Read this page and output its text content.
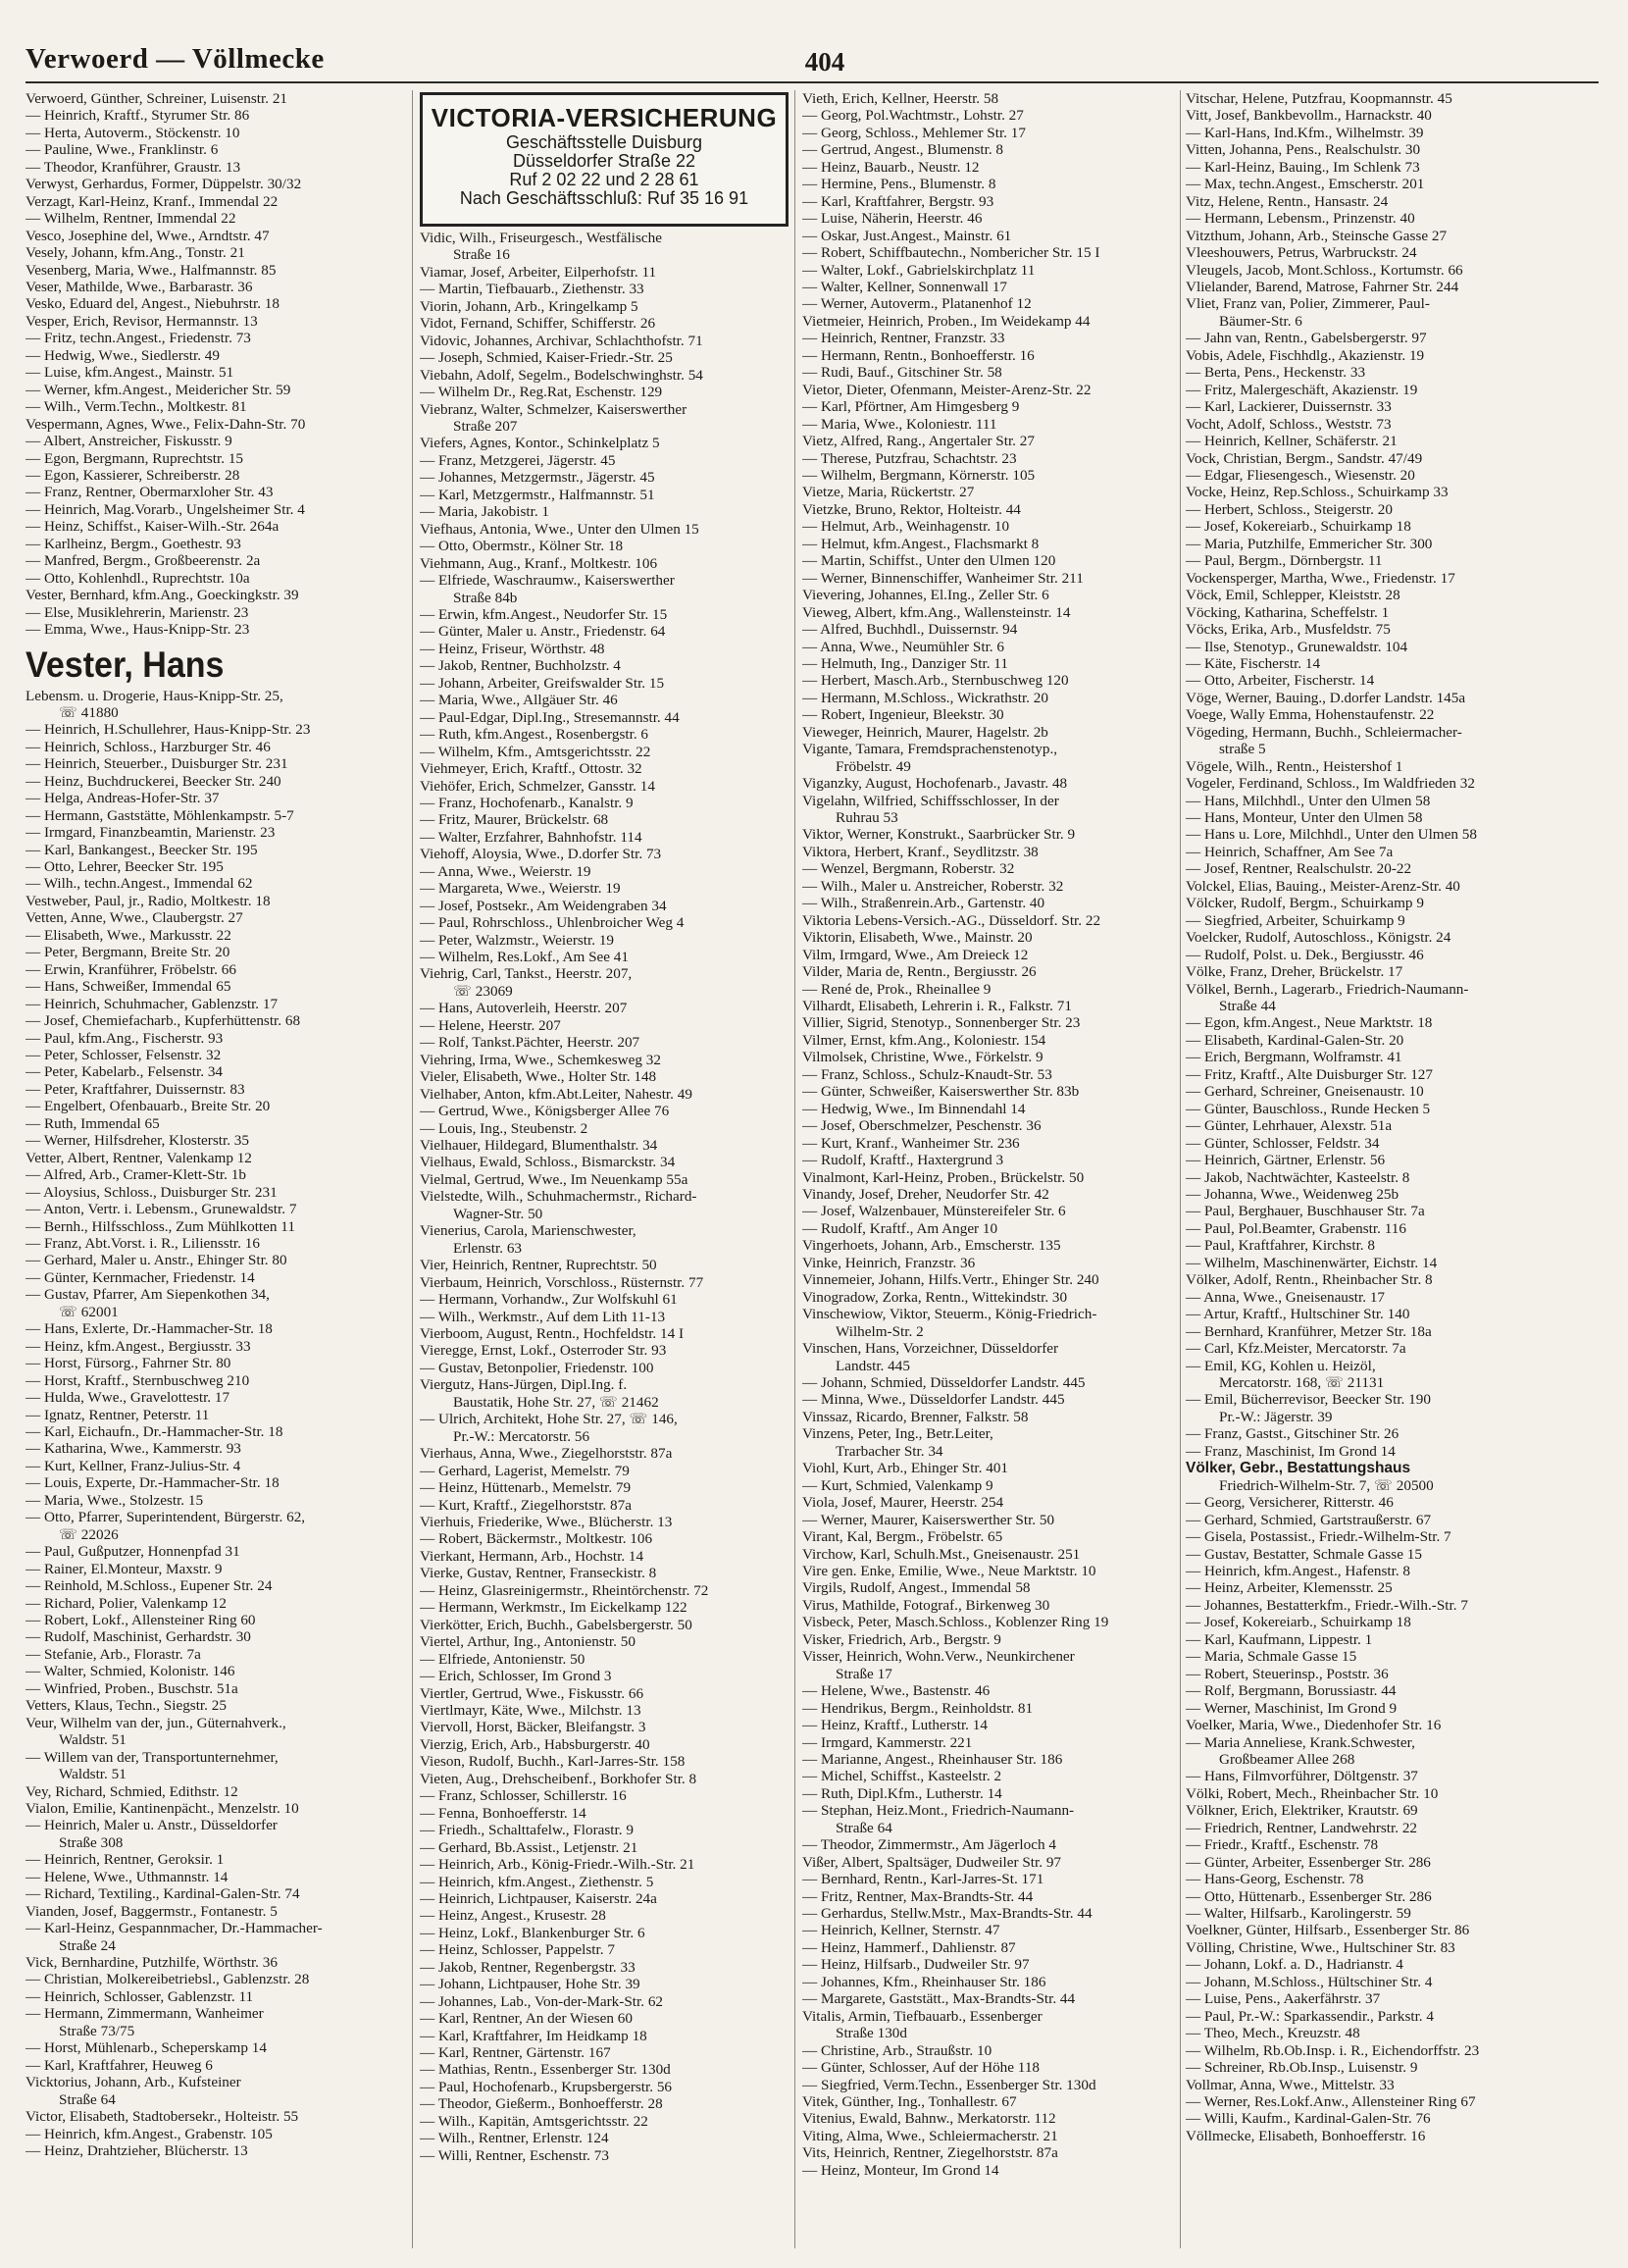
Verwoerd — Völlmecke	404
Verwoerd, Günther, Schreiner, Luisenstr. 21
— Heinrich, Kraftf., Styrumer Str. 86
— Herta, Autoverm., Stöckenstr. 10
— Pauline, Wwe., Franklinstr. 6
— Theodor, Kranführer, Graustr. 13
Verwyst, Gerhardus, Former, Düppelstr. 30/32
Verzagt, Karl-Heinz, Kranf., Immendal 22
— Wilhelm, Rentner, Immendal 22
Vesco, Josephine del, Wwe., Arndtstr. 47
Vesely, Johann, kfm.Ang., Tonstr. 21
Vesenberg, Maria, Wwe., Halfmannstr. 85
Veser, Mathilde, Wwe., Barbarastr. 36
Vesko, Eduard del, Angest., Niebuhrstr. 18
Vesper, Erich, Revisor, Hermannstr. 13
— Fritz, techn.Angest., Friedenstr. 73
— Hedwig, Wwe., Siedlerstr. 49
— Luise, kfm.Angest., Mainstr. 51
— Werner, kfm.Angest., Meidericher Str. 59
— Wilh., Verm.Techn., Moltkestr. 81
Vespermann, Agnes, Wwe., Felix-Dahn-Str. 70
— Albert, Anstreicher, Fiskusstr. 9
— Egon, Bergmann, Ruprechtstr. 15
— Egon, Kassierer, Schreiberstr. 28
— Franz, Rentner, Obermarxloher Str. 43
— Heinrich, Mag.Vorarb., Ungelsheimer Str. 4
— Heinz, Schiffst., Kaiser-Wilh.-Str. 264a
— Karlheinz, Bergm., Goethestr. 93
— Manfred, Bergm., Großbeerenstr. 2a
— Otto, Kohlenhdl., Ruprechtstr. 10a
Vester, Bernhard, kfm.Ang., Goeckingkstr. 39
— Else, Musiklehrerin, Marienstr. 23
— Emma, Wwe., Haus-Knipp-Str. 23
Vester, Hans
Lebensm. u. Drogerie, Haus-Knipp-Str. 25,
☏ 41880
— Heinrich, H.Schullehrer, Haus-Knipp-Str. 23
— Heinrich, Schloss., Harzburger Str. 46
— Heinrich, Steuerber., Duisburger Str. 231
— Heinz, Buchdruckerei, Beecker Str. 240
— Helga, Andreas-Hofer-Str. 37
— Hermann, Gaststätte, Möhlenkampstr. 5-7
— Irmgard, Finanzbeamtin, Marienstr. 23
— Karl, Bankangest., Beecker Str. 195
— Otto, Lehrer, Beecker Str. 195
— Wilh., techn.Angest., Immendal 62
Vestweber, Paul, jr., Radio, Moltkestr. 18
Vetten, Anne, Wwe., Claubergstr. 27
— Elisabeth, Wwe., Markusstr. 22
— Peter, Bergmann, Breite Str. 20
— Erwin, Kranführer, Fröbelstr. 66
— Hans, Schweißer, Immendal 65
— Heinrich, Schuhmacher, Gablenzstr. 17
— Josef, Chemiefacharb., Kupferhüttenstr. 68
— Paul, kfm.Ang., Fischerstr. 93
— Peter, Schlosser, Felsenstr. 32
— Peter, Kabelarb., Felsenstr. 34
— Peter, Kraftfahrer, Duissernstr. 83
— Engelbert, Ofenbauarb., Breite Str. 20
— Ruth, Immendal 65
— Werner, Hilfsdreher, Klosterstr. 35
Vetter, Albert, Rentner, Valenkamp 12
— Alfred, Arb., Cramer-Klett-Str. 1b
— Aloysius, Schloss., Duisburger Str. 231
— Anton, Vertr. i. Lebensm., Grunewaldstr. 7
— Bernh., Hilfsschloss., Zum Mühlkotten 11
— Franz, Abt.Vorst. i. R., Liliensstr. 16
— Gerhard, Maler u. Anstr., Ehinger Str. 80
— Günter, Kernmacher, Friedenstr. 14
— Gustav, Pfarrer, Am Siepenkothen 34,
☏ 62001
— Hans, Exlerte, Dr.-Hammacher-Str. 18
— Heinz, kfm.Angest., Bergiusstr. 33
— Horst, Fürsorg., Fahrner Str. 80
— Horst, Kraftf., Sternbuschweg 210
— Hulda, Wwe., Gravelottestr. 17
— Ignatz, Rentner, Peterstr. 11
— Karl, Eichaufn., Dr.-Hammacher-Str. 18
— Katharina, Wwe., Kammerstr. 93
— Kurt, Kellner, Franz-Julius-Str. 4
— Louis, Experte, Dr.-Hammacher-Str. 18
— Maria, Wwe., Stolzestr. 15
— Otto, Pfarrer, Superintendent, Bürgerstr. 62,
☏ 22026
— Paul, Gußputzer, Honnenpfad 31
— Rainer, El.Monteur, Maxstr. 9
— Reinhold, M.Schloss., Eupener Str. 24
— Richard, Polier, Valenkamp 12
— Robert, Lokf., Allensteiner Ring 60
— Rudolf, Maschinist, Gerhardstr. 30
— Stefanie, Arb., Florastr. 7a
— Walter, Schmied, Kolonistr. 146
— Winfried, Proben., Buschstr. 51a
Vetters, Klaus, Techn., Siegstr. 25
Veur, Wilhelm van der, jun., Güternahverk.,
Waldstr. 51
— Willem van der, Transportunternehmer,
Waldstr. 51
Vey, Richard, Schmied, Edithstr. 12
Vialon, Emilie, Kantinenpächt., Menzelstr. 10
— Heinrich, Maler u. Anstr., Düsseldorfer
Straße 308
— Heinrich, Rentner, Geroksir. 1
— Helene, Wwe., Uthmannstr. 14
— Richard, Textiling., Kardinal-Galen-Str. 74
Vianden, Josef, Baggermstr., Fontanestr. 5
— Karl-Heinz, Gespannmacher, Dr.-Hammacher-
Straße 24
Vick, Bernhardine, Putzhilfe, Wörthstr. 36
— Christian, Molkereibetriebsl., Gablenzstr. 28
— Heinrich, Schlosser, Gablenzstr. 11
— Hermann, Zimmermann, Wanheimer
Straße 73/75
— Horst, Mühlenarb., Scheperskamp 14
— Karl, Kraftfahrer, Heuweg 6
Vicktorius, Johann, Arb., Kufsteiner
Straße 64
Victor, Elisabeth, Stadtobersekr., Holteistr. 55
— Heinrich, kfm.Angest., Grabenstr. 105
— Heinz, Drahtzieher, Blücherstr. 13
VICTORIA-VERSICHERUNG
Geschäftsstelle Duisburg
Düsseldorfer Straße 22
Ruf 2 02 22 und 2 28 61
Nach Geschäftsschluß: Ruf 35 16 91
Vidic, Wilh., Friseurgesch., Westfälische
Straße 16
Viamar, Josef, Arbeiter, Eilperhofstr. 11
— Martin, Tiefbauarb., Ziethenstr. 33
Viorin, Johann, Arb., Kringelkamp 5
Vidot, Fernand, Schiffer, Schifferstr. 26
Vidovic, Johannes, Archivar, Schlachthofstr. 71
— Joseph, Schmied, Kaiser-Friedr.-Str. 25
Viebahn, Adolf, Segelm., Bodelschwinghstr. 54
— Wilhelm Dr., Reg.Rat, Eschenstr. 129
Viebranz, Walter, Schmelzer, Kaiserswerther
Straße 207
Viefers, Agnes, Kontor., Schinkelplatz 5
— Franz, Metzgerei, Jägerstr. 45
— Johannes, Metzgermstr., Jägerstr. 45
— Karl, Metzgermstr., Halfmannstr. 51
— Maria, Jakobistr. 1
Viefhaus, Antonia, Wwe., Unter den Ulmen 15
— Otto, Obermstr., Kölner Str. 18
Viehmann, Aug., Kranf., Moltkestr. 106
— Elfriede, Waschraumw., Kaiserswerther
Straße 84b
— Erwin, kfm.Angest., Neudorfer Str. 15
— Günter, Maler u. Anstr., Friedenstr. 64
— Heinz, Friseur, Wörthstr. 48
— Jakob, Rentner, Buchholzstr. 4
— Johann, Arbeiter, Greifswalder Str. 15
— Maria, Wwe., Allgäuer Str. 46
— Paul-Edgar, Dipl.Ing., Stresemannstr. 44
— Ruth, kfm.Angest., Rosenbergstr. 6
— Wilhelm, Kfm., Amtsgerichtsstr. 22
Viehmeyer, Erich, Kraftf., Ottostr. 32
Viehöfer, Erich, Schmelzer, Gansstr. 14
— Franz, Hochofenarb., Kanalstr. 9
— Fritz, Maurer, Brückelstr. 68
— Walter, Erzfahrer, Bahnhofstr. 114
Viehoff, Aloysia, Wwe., D.dorfer Str. 73
— Anna, Wwe., Weierstr. 19
— Margareta, Wwe., Weierstr. 19
— Josef, Postsekr., Am Weidengraben 34
— Paul, Rohrschloss., Uhlenbroicher Weg 4
— Peter, Walzmstr., Weierstr. 19
— Wilhelm, Res.Lokf., Am See 41
Viehrig, Carl, Tankst., Heerstr. 207,
☏ 23069
— Hans, Autoverleih, Heerstr. 207
— Helene, Heerstr. 207
— Rolf, Tankst.Pächter, Heerstr. 207
Viehring, Irma, Wwe., Schemkesweg 32
Vieler, Elisabeth, Wwe., Holter Str. 148
Vielhaber, Anton, kfm.Abt.Leiter, Nahestr. 49
— Gertrud, Wwe., Königsberger Allee 76
— Louis, Ing., Steubenstr. 2
Vielhauer, Hildegard, Blumenthalstr. 34
Vielhaus, Ewald, Schloss., Bismarckstr. 34
Vielmal, Gertrud, Wwe., Im Neuenkamp 55a
Vielstedte, Wilh., Schuhmachermstr., Richard-
Wagner-Str. 50
Vienerius, Carola, Marienschwester,
Erlenstr. 63
Vier, Heinrich, Rentner, Ruprechtstr. 50
Vierbaum, Heinrich, Vorschloss., Rüsternstr. 77
— Hermann, Vorhandw., Zur Wolfskuhl 61
— Wilh., Werkmstr., Auf dem Lith 11-13
Vierboom, August, Rentn., Hochfeldstr. 14 I
Vieregge, Ernst, Lokf., Osterroder Str. 93
— Gustav, Betonpolier, Friedenstr. 100
Viergutz, Hans-Jürgen, Dipl.Ing. f.
Baustatik, Hohe Str. 27, ☏ 21462
— Ulrich, Architekt, Hohe Str. 27, ☏ 146,
Pr.-W.: Mercatorstr. 56
Vierhaus, Anna, Wwe., Ziegelhorststr. 87a
— Gerhard, Lagerist, Memelstr. 79
— Heinz, Hüttenarb., Memelstr. 79
— Kurt, Kraftf., Ziegelhorststr. 87a
Vierhuis, Friederike, Wwe., Blücherstr. 13
— Robert, Bäckermstr., Moltkestr. 106
Vierkant, Hermann, Arb., Hochstr. 14
Vierke, Gustav, Rentner, Franseckistr. 8
— Heinz, Glasreinigermstr., Rheintörchenstr. 72
— Hermann, Werkmstr., Im Eickelkamp 122
Vierkötter, Erich, Buchh., Gabelsbergerstr. 50
Viertel, Arthur, Ing., Antonienstr. 50
— Elfriede, Antonienstr. 50
— Erich, Schlosser, Im Grond 3
Viertler, Gertrud, Wwe., Fiskusstr. 66
Viertlmayr, Käte, Wwe., Milchstr. 13
Viervoll, Horst, Bäcker, Bleifangstr. 3
Vierzig, Erich, Arb., Habsburgerstr. 40
Vieson, Rudolf, Buchh., Karl-Jarres-Str. 158
Vieten, Aug., Drehscheibenf., Borkhofer Str. 8
— Franz, Schlosser, Schillerstr. 16
— Fenna, Bonhoefferstr. 14
— Friedh., Schalttafelw., Florastr. 9
— Gerhard, Bb.Assist., Letjenstr. 21
— Heinrich, Arb., König-Friedr.-Wilh.-Str. 21
— Heinrich, kfm.Angest., Ziethenstr. 5
— Heinrich, Lichtpauser, Kaiserstr. 24a
— Heinz, Angest., Krusestr. 28
— Heinz, Lokf., Blankenburger Str. 6
— Heinz, Schlosser, Pappelstr. 7
— Jakob, Rentner, Regenbergstr. 33
— Johann, Lichtpauser, Hohe Str. 39
— Johannes, Lab., Von-der-Mark-Str. 62
— Karl, Rentner, An der Wiesen 60
— Karl, Kraftfahrer, Im Heidkamp 18
— Karl, Rentner, Gärtenstr. 167
— Mathias, Rentn., Essenberger Str. 130d
— Paul, Hochofenarb., Krupsbergerstr. 56
— Theodor, Gießerm., Bonhoefferstr. 28
— Wilh., Kapitän, Amtsgerichtsstr. 22
— Wilh., Rentner, Erlenstr. 124
— Willi, Rentner, Eschenstr. 73
Vieth, Erich, Kellner, Heerstr. 58
— Georg, Pol.Wachtmstr., Lohstr. 27
— Georg, Schloss., Mehlemer Str. 17
— Gertrud, Angest., Blumenstr. 8
— Heinz, Bauarb., Neustr. 12
— Hermine, Pens., Blumenstr. 8
— Karl, Kraftfahrer, Bergstr. 93
— Luise, Näherin, Heerstr. 46
— Oskar, Just.Angest., Mainstr. 61
— Robert, Schiffbautechn., Nombericher Str. 15 I
— Walter, Lokf., Gabrielskirchplatz 11
— Walter, Kellner, Sonnenwall 17
— Werner, Autoverm., Platanenhof 12
Vietmeier, Heinrich, Proben., Im Weidekamp 44
— Heinrich, Rentner, Franzstr. 33
— Hermann, Rentn., Bonhoefferstr. 16
— Rudi, Bauf., Gitschiner Str. 58
Vietor, Dieter, Ofenmann, Meister-Arenz-Str. 22
— Karl, Pförtner, Am Himgesberg 9
— Maria, Wwe., Koloniestr. 111
Vietz, Alfred, Rang., Angertaler Str. 27
— Therese, Putzfrau, Schachtstr. 23
— Wilhelm, Bergmann, Körnerstr. 105
Vietze, Maria, Rückertstr. 27
Vietzke, Bruno, Rektor, Holteistr. 44
— Helmut, Arb., Weinhagenstr. 10
— Helmut, kfm.Angest., Flachsmarkt 8
— Martin, Schiffst., Unter den Ulmen 120
— Werner, Binnenschiffer, Wanheimer Str. 211
Vievering, Johannes, El.Ing., Zeller Str. 6
Vieweg, Albert, kfm.Ang., Wallensteinstr. 14
— Alfred, Buchhdl., Duissernstr. 94
— Anna, Wwe., Neumühler Str. 6
— Helmuth, Ing., Danziger Str. 11
— Herbert, Masch.Arb., Sternbuschweg 120
— Hermann, M.Schloss., Wickrathstr. 20
— Robert, Ingenieur, Bleekstr. 30
Vieweger, Heinrich, Maurer, Hagelstr. 2b
Vigante, Tamara, Fremdsprachenstenotyp.,
Fröbelstr. 49
Viganzky, August, Hochofenarb., Javastr. 48
Vigelahn, Wilfried, Schiffsschlosser, In der
Ruhrau 53
Viktor, Werner, Konstrukt., Saarbrücker Str. 9
Viktora, Herbert, Kranf., Seydlitzstr. 38
— Wenzel, Bergmann, Roberstr. 32
— Wilh., Maler u. Anstreicher, Roberstr. 32
— Wilh., Straßenrein.Arb., Gartenstr. 40
Viktoria Lebens-Versich.-AG., Düsseldorf. Str. 22
Viktorin, Elisabeth, Wwe., Mainstr. 20
Vilm, Irmgard, Wwe., Am Dreieck 12
Vilder, Maria de, Rentn., Bergiusstr. 26
— René de, Prok., Rheinallee 9
Vilhardt, Elisabeth, Lehrerin i. R., Falkstr. 71
Villier, Sigrid, Stenotyp., Sonnenberger Str. 23
Vilmer, Ernst, kfm.Ang., Koloniestr. 154
Vilmolsek, Christine, Wwe., Förkelstr. 9
— Franz, Schloss., Schulz-Knaudt-Str. 53
— Günter, Schweißer, Kaiserswerther Str. 83b
— Hedwig, Wwe., Im Binnendahl 14
— Josef, Oberschmelzer, Peschenstr. 36
— Kurt, Kranf., Wanheimer Str. 236
— Rudolf, Kraftf., Haxtergrund 3
Vinalmont, Karl-Heinz, Proben., Brückelstr. 50
Vinandy, Josef, Dreher, Neudorfer Str. 42
— Josef, Walzenbauer, Münstereifeler Str. 6
— Rudolf, Kraftf., Am Anger 10
Vingerhoets, Johann, Arb., Emscherstr. 135
Vinke, Heinrich, Franzstr. 36
Vinnemeier, Johann, Hilfs.Vertr., Ehinger Str. 240
Vinogradow, Zorka, Rentn., Wittekindstr. 30
Vinschewiow, Viktor, Steuerm., König-Friedrich-
Wilhelm-Str. 2
Vinschen, Hans, Vorzeichner, Düsseldorfer
Landstr. 445
— Johann, Schmied, Düsseldorfer Landstr. 445
— Minna, Wwe., Düsseldorfer Landstr. 445
Vinssaz, Ricardo, Brenner, Falkstr. 58
Vinzens, Peter, Ing., Betr.Leiter,
Trarbacher Str. 34
Viohl, Kurt, Arb., Ehinger Str. 401
— Kurt, Schmied, Valenkamp 9
Viola, Josef, Maurer, Heerstr. 254
— Werner, Maurer, Kaiserswerther Str. 50
Virant, Kal, Bergm., Fröbelstr. 65
Virchow, Karl, Schulh.Mst., Gneisenaustr. 251
Vire gen. Enke, Emilie, Wwe., Neue Marktstr. 10
Virgils, Rudolf, Angest., Immendal 58
Virus, Mathilde, Fotograf., Birkenweg 30
Visbeck, Peter, Masch.Schloss., Koblenzer Ring 19
Visker, Friedrich, Arb., Bergstr. 9
Visser, Heinrich, Wohn.Verw., Neunkirchener
Straße 17
— Helene, Wwe., Bastenstr. 46
— Hendrikus, Bergm., Reinholdstr. 81
— Heinz, Kraftf., Lutherstr. 14
— Irmgard, Kammerstr. 221
— Marianne, Angest., Rheinhauser Str. 186
— Michel, Schiffst., Kasteelstr. 2
— Ruth, Dipl.Kfm., Lutherstr. 14
— Stephan, Heiz.Mont., Friedrich-Naumann-
Straße 64
— Theodor, Zimmermstr., Am Jägerloch 4
Vißer, Albert, Spaltsäger, Dudweiler Str. 97
— Bernhard, Rentn., Karl-Jarres-St. 171
— Fritz, Rentner, Max-Brandts-Str. 44
— Gerhardus, Stellw.Mstr., Max-Brandts-Str. 44
— Heinrich, Kellner, Sternstr. 47
— Heinz, Hammerf., Dahlienstr. 87
— Heinz, Hilfsarb., Dudweiler Str. 97
— Johannes, Kfm., Rheinhauser Str. 186
— Margarete, Gaststätt., Max-Brandts-Str. 44
Vitalis, Armin, Tiefbauarb., Essenberger
Straße 130d
— Christine, Arb., Straußstr. 10
— Günter, Schlosser, Auf der Höhe 118
— Siegfried, Verm.Techn., Essenberger Str. 130d
Vitek, Günther, Ing., Tonhallestr. 67
Vitenius, Ewald, Bahnw., Merkatorstr. 112
Viting, Alma, Wwe., Schleiermacherstr. 21
Vits, Heinrich, Rentner, Ziegelhorststr. 87a
— Heinz, Monteur, Im Grond 14
Vitschar, Helene, Putzfrau, Koopmannstr. 45
Vitt, Josef, Bankbevollm., Harnackstr. 40
— Karl-Hans, Ind.Kfm., Wilhelmstr. 39
Vitten, Johanna, Pens., Realschulstr. 30
— Karl-Heinz, Bauing., Im Schlenk 73
— Max, techn.Angest., Emscherstr. 201
Vitz, Helene, Rentn., Hansastr. 24
— Hermann, Lebensm., Prinzenstr. 40
Vitzthum, Johann, Arb., Steinsche Gasse 27
Vleeshouwers, Petrus, Warbruckstr. 24
Vleugels, Jacob, Mont.Schloss., Kortumstr. 66
Vlielander, Barend, Matrose, Fahrner Str. 244
Vliet, Franz van, Polier, Zimmerer, Paul-
Bäumer-Str. 6
— Jahn van, Rentn., Gabelsbergerstr. 97
Vobis, Adele, Fischhdlg., Akazienstr. 19
— Berta, Pens., Heckenstr. 33
— Fritz, Malergeschäft, Akazienstr. 19
— Karl, Lackierer, Duissernstr. 33
Vocht, Adolf, Schloss., Weststr. 73
— Heinrich, Kellner, Schäferstr. 21
Vock, Christian, Bergm., Sandstr. 47/49
— Edgar, Fliesengesch., Wiesenstr. 20
Vocke, Heinz, Rep.Schloss., Schuirkamp 33
— Herbert, Schloss., Steigerstr. 20
— Josef, Kokereiarb., Schuirkamp 18
— Maria, Putzhilfe, Emmericher Str. 300
— Paul, Bergm., Dörnbergstr. 11
Vockensperger, Martha, Wwe., Friedenstr. 17
Vöck, Emil, Schlepper, Kleiststr. 28
Vöcking, Katharina, Scheffelstr. 1
Vöcks, Erika, Arb., Musfeldstr. 75
— Ilse, Stenotyp., Grunewaldstr. 104
— Käte, Fischerstr. 14
— Otto, Arbeiter, Fischerstr. 14
Vöge, Werner, Bauing., D.dorfer Landstr. 145a
Voege, Wally Emma, Hohenstaufenstr. 22
Vögeding, Hermann, Buchh., Schleiermacher-
straße 5
Vögele, Wilh., Rentn., Heistershof 1
Vogeler, Ferdinand, Schloss., Im Waldfrieden 32
— Hans, Milchhdl., Unter den Ulmen 58
— Hans, Monteur, Unter den Ulmen 58
— Hans u. Lore, Milchhdl., Unter den Ulmen 58
— Heinrich, Schaffner, Am See 7a
— Josef, Rentner, Realschulstr. 20-22
Volckel, Elias, Bauing., Meister-Arenz-Str. 40
Völcker, Rudolf, Bergm., Schuirkamp 9
— Siegfried, Arbeiter, Schuirkamp 9
Voelcker, Rudolf, Autoschloss., Königstr. 24
— Rudolf, Polst. u. Dek., Bergiusstr. 46
Völke, Franz, Dreher, Brückelstr. 17
Völkel, Bernh., Lagerarb., Friedrich-Naumann-
Straße 44
— Egon, kfm.Angest., Neue Marktstr. 18
— Elisabeth, Kardinal-Galen-Str. 20
— Erich, Bergmann, Wolframstr. 41
— Fritz, Kraftf., Alte Duisburger Str. 127
— Gerhard, Schreiner, Gneisenaustr. 10
— Günter, Bauschloss., Runde Hecken 5
— Günter, Lehrhauer, Alexstr. 51a
— Günter, Schlosser, Feldstr. 34
— Heinrich, Gärtner, Erlenstr. 56
— Jakob, Nachtwächter, Kasteelstr. 8
— Johanna, Wwe., Weidenweg 25b
— Paul, Berghauer, Buschhauser Str. 7a
— Paul, Pol.Beamter, Grabenstr. 116
— Paul, Kraftfahrer, Kirchstr. 8
— Wilhelm, Maschinenwärter, Eichstr. 14
Völker, Adolf, Rentn., Rheinbacher Str. 8
— Anna, Wwe., Gneisenaustr. 17
— Artur, Kraftf., Hultschiner Str. 140
— Bernhard, Kranführer, Metzer Str. 18a
— Carl, Kfz.Meister, Mercatorstr. 7a
— Emil, KG, Kohlen u. Heizöl,
Mercatorstr. 168, ☏ 21131
— Emil, Bücherrevisor, Beecker Str. 190
Pr.-W.: Jägerstr. 39
— Franz, Gastst., Gitschiner Str. 26
— Franz, Maschinist, Im Grond 14
Völker, Gebr., Bestattungshaus
Friedrich-Wilhelm-Str. 7, ☏ 20500
— Georg, Versicherer, Ritterstr. 46
— Gerhard, Schmied, Gartstraußerstr. 67
— Gisela, Postassist., Friedr.-Wilhelm-Str. 7
— Gustav, Bestatter, Schmale Gasse 15
— Heinrich, kfm.Angest., Hafenstr. 8
— Heinz, Arbeiter, Klemensstr. 25
— Johannes, Bestatterkfm., Friedr.-Wilh.-Str. 7
— Josef, Kokereiarb., Schuirkamp 18
— Karl, Kaufmann, Lippestr. 1
— Maria, Schmale Gasse 15
— Robert, Steuerinsp., Poststr. 36
— Rolf, Bergmann, Borussiastr. 44
— Werner, Maschinist, Im Grond 9
Voelker, Maria, Wwe., Diedenhofer Str. 16
— Maria Anneliese, Krank.Schwester,
Großbeamer Allee 268
— Hans, Filmvorführer, Döltgenstr. 37
Völki, Robert, Mech., Rheinbacher Str. 10
Völkner, Erich, Elektriker, Krautstr. 69
— Friedrich, Rentner, Landwehrstr. 22
— Friedr., Kraftf., Eschenstr. 78
— Günter, Arbeiter, Essenberger Str. 286
— Hans-Georg, Eschenstr. 78
— Otto, Hüttenarb., Essenberger Str. 286
— Walter, Hilfsarb., Karolingerstr. 59
Voelkner, Günter, Hilfsarb., Essenberger Str. 86
Völling, Christine, Wwe., Hultschiner Str. 83
— Johann, Lokf. a. D., Hadrianstr. 4
— Johann, M.Schloss., Hültschiner Str. 4
— Luise, Pens., Aakerfährstr. 37
— Paul, Pr.-W.: Sparkassendir., Parkstr. 4
— Theo, Mech., Kreuzstr. 48
— Wilhelm, Rb.Ob.Insp. i. R., Eichendorffstr. 23
— Schreiner, Rb.Ob.Insp., Luisenstr. 9
Vollmar, Anna, Wwe., Mittelstr. 33
— Werner, Res.Lokf.Anw., Allensteiner Ring 67
— Willi, Kaufm., Kardinal-Galen-Str. 76
Völlmecke, Elisabeth, Bonhoefferstr. 16
